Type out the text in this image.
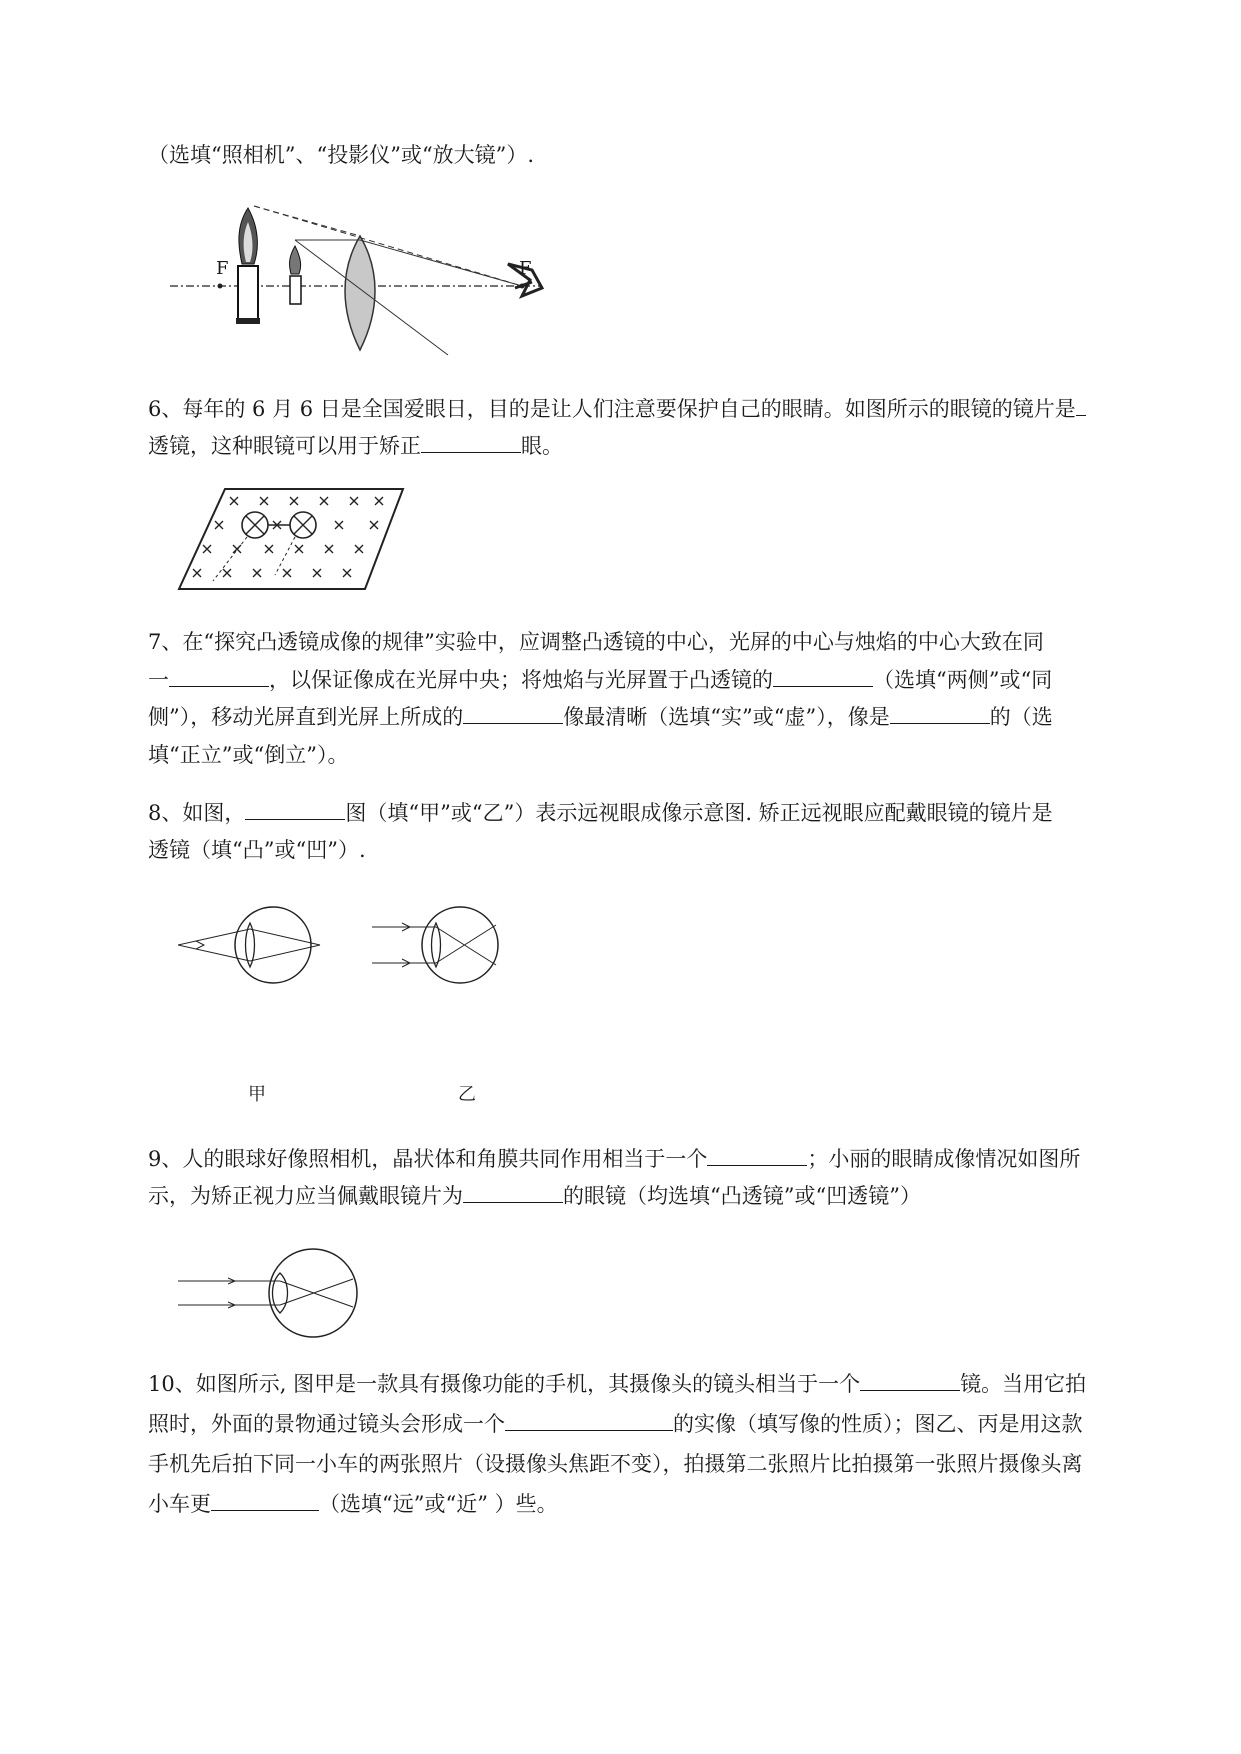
（选填“照相机”、“投影仪”或“放大镜”）.
F	F
6、每年的 6 月 6 日是全国爱眼日，目的是让人们注意要保护自己的眼睛。如图所示的眼镜的镜片是
透镜，这种眼镜可以用于矫正	眼。
7、在“探究凸透镜成像的规律”实验中，应调整凸透镜的中心，光屏的中心与烛焰的中心大致在同
一	，以保证像成在光屏中央；将烛焰与光屏置于凸透镜的	（选填“两侧”或“同
侧”），移动光屏直到光屏上所成的	像最清晰（选填“实”或“虚”），像是	的（选
填“正立”或“倒立”）。
8、如图，	图（填“甲”或“乙”）表示远视眼成像示意图. 矫正远视眼应配戴眼镜的镜片是
透镜（填“凸”或“凹”）.
甲	乙
9、人的眼球好像照相机，晶状体和角膜共同作用相当于一个	；小丽的眼睛成像情况如图所
示，为矫正视力应当佩戴眼镜片为	的眼镜（均选填“凸透镜”或“凹透镜”）
10、如图所示, 图甲是一款具有摄像功能的手机，其摄像头的镜头相当于一个	镜。当用它拍
照时，外面的景物通过镜头会形成一个	的实像（填写像的性质）；图乙、丙是用这款
手机先后拍下同一小车的两张照片（设摄像头焦距不变），拍摄第二张照片比拍摄第一张照片摄像头离
小车更	（选填“远”或“近” ）些。
